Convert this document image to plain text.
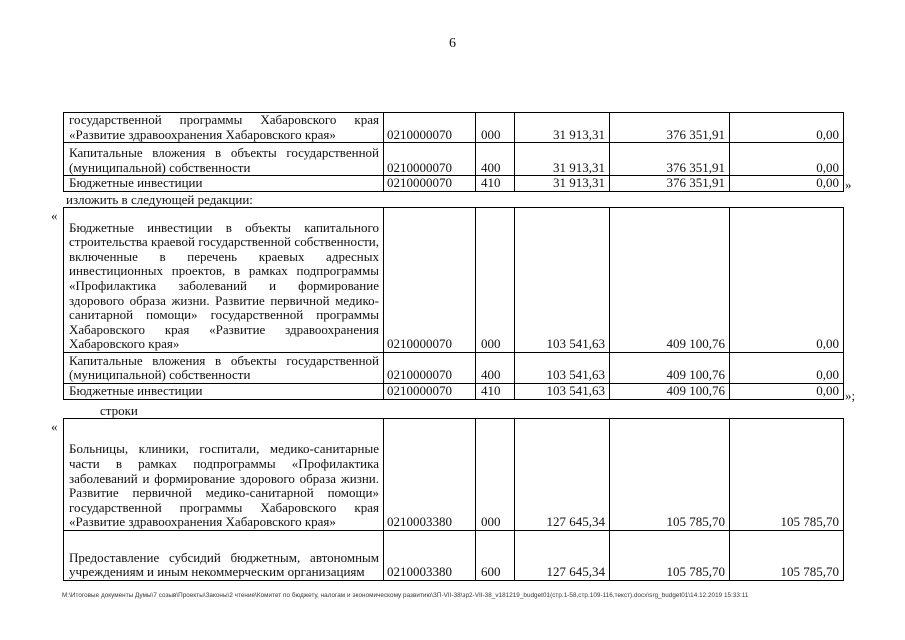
6
государственной программы Хабаровского края «Развитие здравоохранения Хабаровского края»	0210000070	000	31 913,31	376 351,91	0,00
Капитальные вложения в объекты государственной (муниципальной) собственности	0210000070	400	31 913,31	376 351,91	0,00
Бюджетные инвестиции	0210000070	410	31 913,31	376 351,91	0,00 »
изложить в следующей редакции:
«
Бюджетные инвестиции в объекты капитального строительства краевой государственной собственности, включенные в перечень краевых адресных инвестиционных проектов, в рамках подпрограммы «Профилактика заболеваний и формирование здорового образа жизни. Развитие первичной медико-санитарной помощи» государственной программы Хабаровского края «Развитие здравоохранения Хабаровского края»	0210000070	000	103 541,63	409 100,76	0,00
Капитальные вложения в объекты государственной (муниципальной) собственности	0210000070	400	103 541,63	409 100,76	0,00
Бюджетные инвестиции	0210000070	410	103 541,63	409 100,76	0,00 »;
строки
«
Больницы, клиники, госпитали, медико-санитарные части в рамках подпрограммы «Профилактика заболеваний и формирование здорового образа жизни. Развитие первичной медико-санитарной помощи» государственной программы Хабаровского края «Развитие здравоохранения Хабаровского края»	0210003380	000	127 645,34	105 785,70	105 785,70
Предоставление субсидий бюджетным, автономным учреждениям и иным некоммерческим организациям	0210003380	600	127 645,34	105 785,70	105 785,70
M:\Итоговые документы Думы\7 созыв\Проекты\Законы\2 чтение\Комитет по бюджету, налогам и экономическому развитию\ЗП-VII-38\зр2-VII-38_v181219_budget01(стр.1-58,стр.109-116,текст).docx\srg_budget01\14.12.2019 15:33:11
